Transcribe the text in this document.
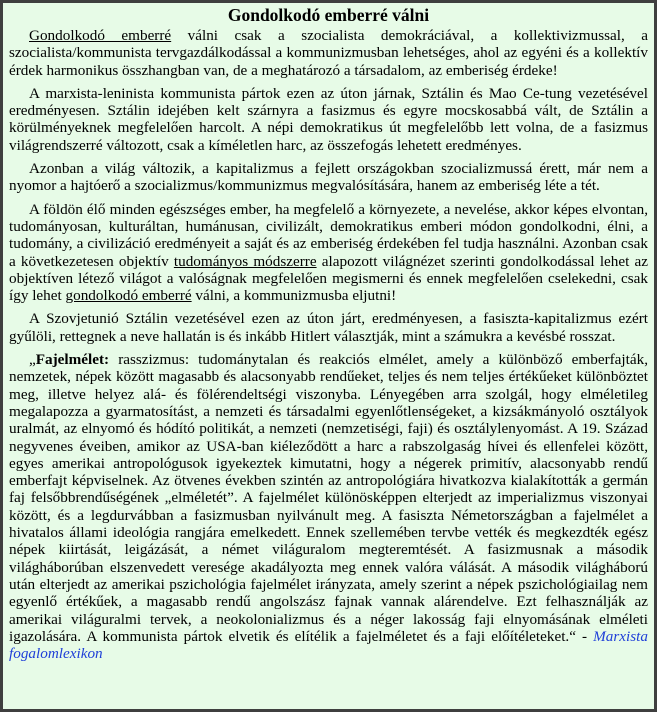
Gondolkodó emberré válni

Gondolkodó emberré válni csak a szocialista demokráciával, a kollektivizmussal, a szocialista/kommunista tervgazdálkodással a kommunizmusban lehetséges, ahol az egyéni és a kollektív érdek harmonikus összhangban van, de a meghatározó a társadalom, az emberiség érdeke!

A marxista-leninista kommunista pártok ezen az úton járnak, Sztálin és Mao Ce-tung vezetésével eredményesen. Sztálin idejében kelt szárnyra a fasizmus és egyre mocskosabbá vált, de Sztálin a körülményeknek megfelelően harcolt. A népi demokratikus út megfelelőbb lett volna, de a fasizmus világrendszerré változott, csak a kíméletlen harc, az összefogás lehetett eredményes.

Azonban a világ változik, a kapitalizmus a fejlett országokban szocializmussá érett, már nem a nyomor a hajtóerő a szocializmus/kommunizmus megvalósítására, hanem az emberiség léte a tét.

A földön élő minden egészséges ember, ha megfelelő a környezete, a nevelése, akkor képes elvontan, tudományosan, kulturáltan, humánusan, civilizált, demokratikus emberi módon gondolkodni, élni, a tudomány, a civilizáció eredményeit a saját és az emberiség érdekében fel tudja használni. Azonban csak a következetesen objektív tudományos módszerre alapozott világnézet szerinti gondolkodással lehet az objektíven létező világot a valóságnak megfelelően megismerni és ennek megfelelően cselekedni, csak így lehet gondolkodó emberré válni, a kommunizmusba eljutni!

A Szovjetunió Sztálin vezetésével ezen az úton járt, eredményesen, a fasiszta-kapitalizmus ezért gyűlöli, rettegnek a neve hallatán is és inkább Hitlert választják, mint a számukra a kevésbé rosszat.

„Fajelmélet: rasszizmus: tudománytalan és reakciós elmélet, amely a különböző emberfajták, nemzetek, népek között magasabb és alacsonyabb rendűeket, teljes és nem teljes értékűeket különböztet meg, illetve helyez alá- és fölérendeltségi viszonyba. Lényegében arra szolgál, hogy elméletileg megalapozza a gyarmatosítást, a nemzeti és társadalmi egyenlőtlenségeket, a kizsákmányoló osztályok uralmát, az elnyomó és hódító politikát, a nemzeti (nemzetiségi, faji) és osztálylenyomást. A 19. Század negyvenes éveiben, amikor az USA-ban kiéleződött a harc a rabszolgaság hívei és ellenfelei között, egyes amerikai antropológusok igyekeztek kimutatni, hogy a négerek primitív, alacsonyabb rendű emberfajt képviselnek. Az ötvenes években szintén az antropológiára hivatkozva kialakították a germán faj felsőbbrendűségének „elméletét”. A fajelmélet különösképpen elterjedt az imperializmus viszonyai között, és a legdurvábban a fasizmusban nyilvánult meg. A fasiszta Németországban a fajelmélet a hivatalos állami ideológia rangjára emelkedett. Ennek szellemében tervbe vették és megkezdték egész népek kiirtását, leigázását, a német világuralom megteremtését. A fasizmusnak a második világháborúban elszenvedett veresége akadályozta meg ennek valóra válását. A második világháború után elterjedt az amerikai pszichológia fajelmélet irányzata, amely szerint a népek pszichológiailag nem egyenlő értékűek, a magasabb rendű angolszász fajnak vannak alárendelve. Ezt felhasználják az amerikai világuralmi tervek, a neokolonializmus és a néger lakosság faji elnyomásának elméleti igazolására. A kommunista pártok elvetik és elítélik a fajelméletet és a faji előítéleteket.“ - Marxista fogalomlexikon
